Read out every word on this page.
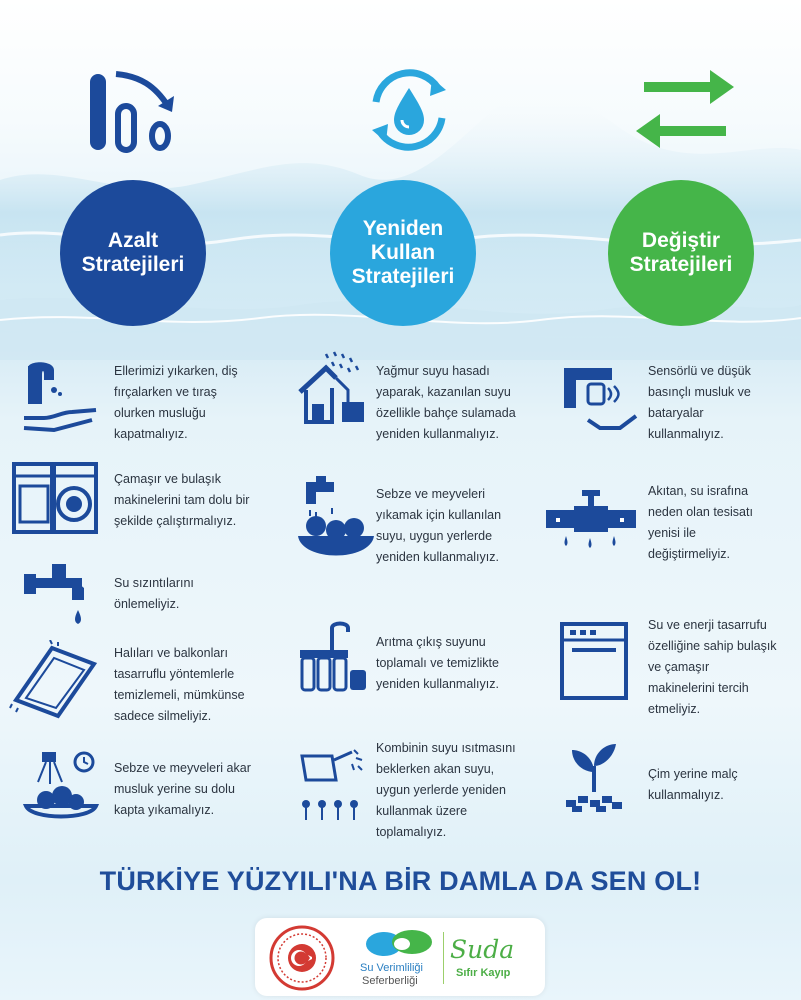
Azalt
Stratejileri
Yeniden
Kullan
Stratejileri
Değiştir
Stratejileri
Ellerimizi yıkarken, diş
fırçalarken ve tıraş
olurken musluğu
kapatmalıyız.
Çamaşır ve bulaşık
makinelerini tam dolu bir
şekilde çalıştırmalıyız.
Su sızıntılarını
önlemeliyiz.
Halıları ve balkonları
tasarruflu yöntemlerle
temizlemeli, mümkünse
sadece silmeliyiz.
Sebze ve meyveleri akar
musluk yerine su dolu
kapta yıkamalıyız.
Yağmur suyu hasadı
yaparak, kazanılan suyu
özellikle bahçe sulamada
yeniden kullanmalıyız.
Sebze ve meyveleri
yıkamak için kullanılan
suyu, uygun yerlerde
yeniden kullanmalıyız.
Arıtma çıkış suyunu
toplamalı ve temizlikte
yeniden kullanmalıyız.
Kombinin suyu ısıtmasını
beklerken akan suyu,
uygun yerlerde yeniden
kullanmak üzere
toplamalıyız.
Sensörlü ve düşük
basınçlı musluk ve
bataryalar
kullanmalıyız.
Akıtan, su israfına
neden olan tesisatı
yenisi ile
değiştirmeliyiz.
Su ve enerji tasarrufu
özelliğine sahip bulaşık
ve çamaşır
makinelerini tercih
etmeliyiz.
Çim yerine malç
kullanmalıyız.
TÜRKİYE YÜZYILI'NA BİR DAMLA DA SEN OL!
Su Verimliliği
Seferberliği
Suda
Sıfır Kayıp
